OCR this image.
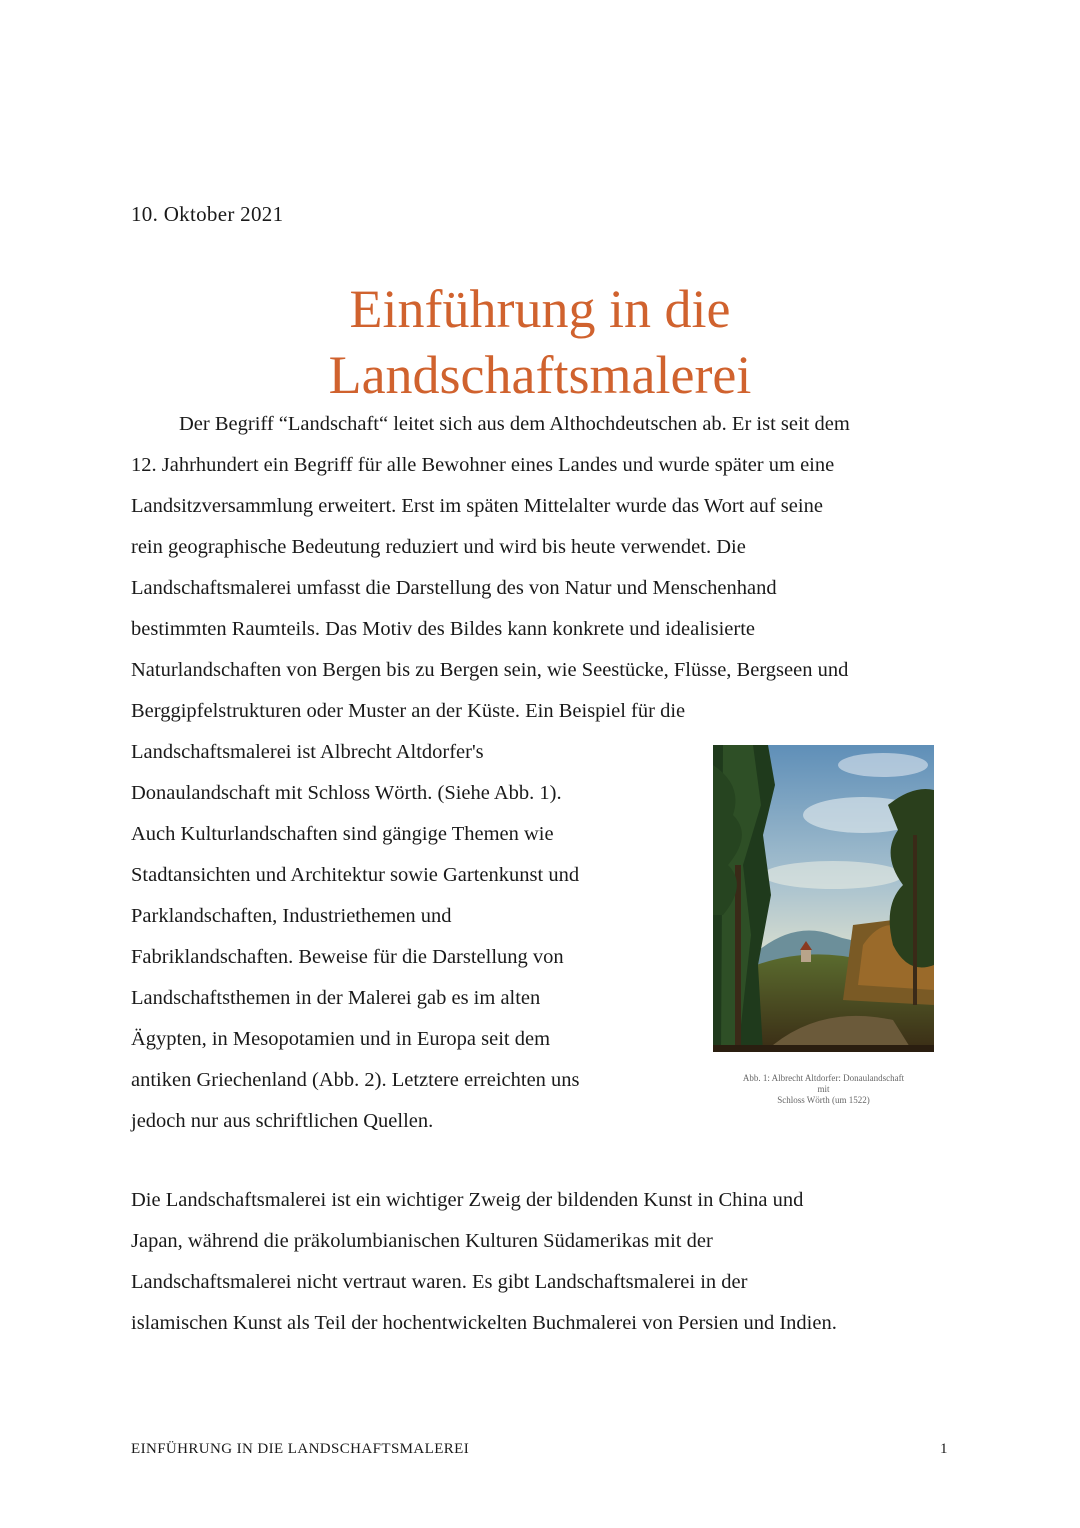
10. Oktober 2021
Einführung in die
Landschaftsmalerei

Der Begriff “Landschaft“ leitet sich aus dem Althochdeutschen ab. Er ist seit dem
12. Jahrhundert ein Begriff für alle Bewohner eines Landes und wurde später um eine
Landsitzversammlung erweitert. Erst im späten Mittelalter wurde das Wort auf seine
rein geographische Bedeutung reduziert und wird bis heute verwendet. Die
Landschaftsmalerei umfasst die Darstellung des von Natur und Menschenhand
bestimmten Raumteils. Das Motiv des Bildes kann konkrete und idealisierte
Naturlandschaften von Bergen bis zu Bergen sein, wie Seestücke, Flüsse, Bergseen und
Berggipfelstrukturen oder Muster an der Küste. Ein Beispiel für die
Landschaftsmalerei ist Albrecht Altdorfer's
Donaulandschaft mit Schloss Wörth. (Siehe Abb. 1).
Auch Kulturlandschaften sind gängige Themen wie
Stadtansichten und Architektur sowie Gartenkunst und
Parklandschaften, Industriethemen und
Fabriklandschaften. Beweise für die Darstellung von
Landschaftsthemen in der Malerei gab es im alten
Ägypten, in Mesopotamien und in Europa seit dem
antiken Griechenland (Abb. 2). Letztere erreichten uns
jedoch nur aus schriftlichen Quellen.

Abb. 1: Albrecht Altdorfer: Donaulandschaft
mit
Schloss Wörth (um 1522)

Die Landschaftsmalerei ist ein wichtiger Zweig der bildenden Kunst in China und
Japan, während die präkolumbianischen Kulturen Südamerikas mit der
Landschaftsmalerei nicht vertraut waren. Es gibt Landschaftsmalerei in der
islamischen Kunst als Teil der hochentwickelten Buchmalerei von Persien und Indien.

EINFÜHRUNG IN DIE LANDSCHAFTSMALEREI	1
